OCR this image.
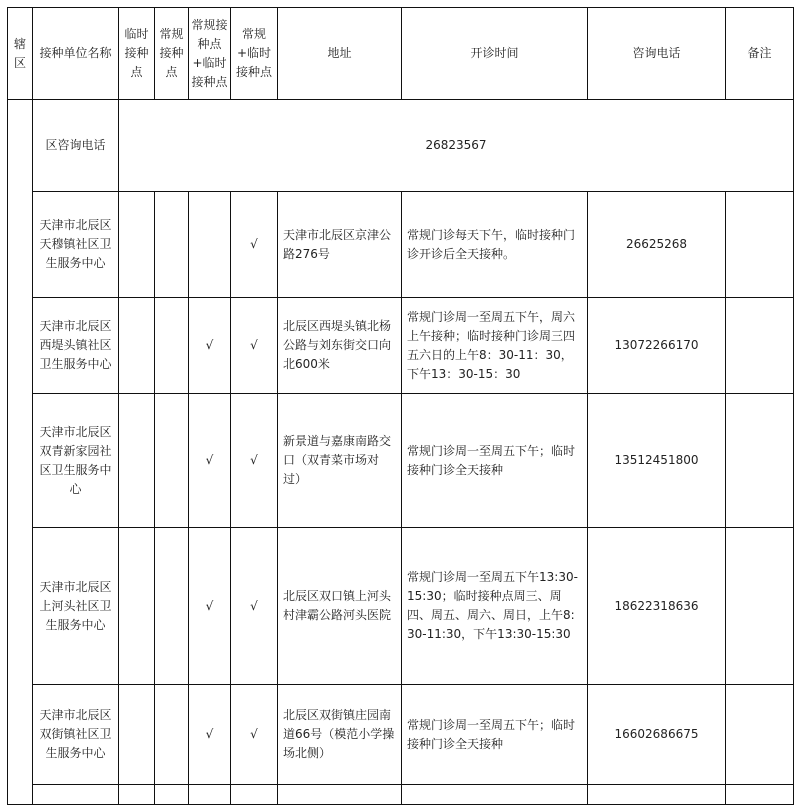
辖区	接种单位名称	临时接种点	常规接种点	常规接种点+临时接种点	常规+临时接种点	地址	开诊时间	咨询电话	备注
	区咨询电话	26823567							
	天津市北辰区天穆镇社区卫生服务中心				√	天津市北辰区京津公路276号	常规门诊每天下午，临时接种门诊开诊后全天接种。	26625268	
	天津市北辰区西堤头镇社区卫生服务中心			√	√	北辰区西堤头镇北杨公路与刘东街交口向北600米	常规门诊周一至周五下午，周六上午接种；临时接种门诊周三四五六日的上午8：30-11：30，下午13：30-15：30	13072266170	
	天津市北辰区双青新家园社区卫生服务中心			√	√	新景道与嘉康南路交口（双青菜市场对过）	常规门诊周一至周五下午；临时接种门诊全天接种	13512451800	
	天津市北辰区上河头社区卫生服务中心			√	√	北辰区双口镇上河头村津霸公路河头医院	常规门诊周一至周五下午13:30-15:30；临时接种点周三、周四、周五、周六、周日，上午8:30-11:30，下午13:30-15:30	18622318636	
	天津市北辰区双街镇社区卫生服务中心			√	√	北辰区双街镇庄园南道66号（模范小学操场北侧）	常规门诊周一至周五下午；临时接种门诊全天接种	16602686675	
